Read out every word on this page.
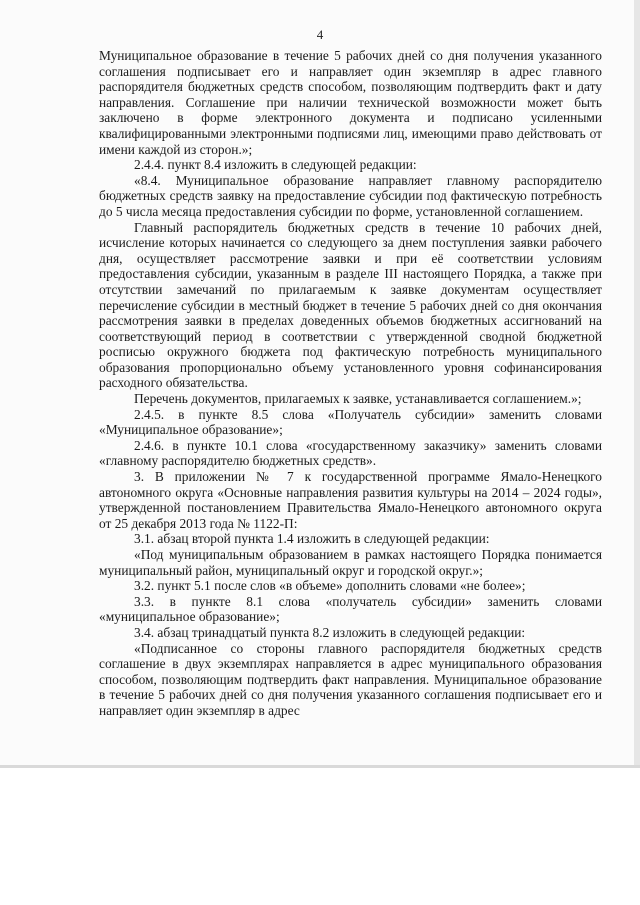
4

Муниципальное образование в течение 5 рабочих дней со дня получения указанного соглашения подписывает его и направляет один экземпляр в адрес главного распорядителя бюджетных средств способом, позволяющим подтвердить факт и дату направления. Соглашение при наличии технической возможности может быть заключено в форме электронного документа и подписано усиленными квалифицированными электронными подписями лиц, имеющими право действовать от имени каждой из сторон.»;

2.4.4. пункт 8.4 изложить в следующей редакции:

«8.4. Муниципальное образование направляет главному распорядителю бюджетных средств заявку на предоставление субсидии под фактическую потребность до 5 числа месяца предоставления субсидии по форме, установленной соглашением.

Главный распорядитель бюджетных средств в течение 10 рабочих дней, исчисление которых начинается со следующего за днем поступления заявки рабочего дня, осуществляет рассмотрение заявки и при её соответствии условиям предоставления субсидии, указанным в разделе III настоящего Порядка, а также при отсутствии замечаний по прилагаемым к заявке документам осуществляет перечисление субсидии в местный бюджет в течение 5 рабочих дней со дня окончания рассмотрения заявки в пределах доведенных объемов бюджетных ассигнований на соответствующий период в соответствии с утвержденной сводной бюджетной росписью окружного бюджета под фактическую потребность муниципального образования пропорционально объему установленного уровня софинансирования расходного обязательства.

Перечень документов, прилагаемых к заявке, устанавливается соглашением.»;

2.4.5. в пункте 8.5 слова «Получатель субсидии» заменить словами «Муниципальное образование»;

2.4.6. в пункте 10.1 слова «государственному заказчику» заменить словами «главному распорядителю бюджетных средств».

3. В приложении № 7 к государственной программе Ямало-Ненецкого автономного округа «Основные направления развития культуры на 2014 – 2024 годы», утвержденной постановлением Правительства Ямало-Ненецкого автономного округа от 25 декабря 2013 года № 1122-П:

3.1. абзац второй пункта 1.4 изложить в следующей редакции:

«Под муниципальным образованием в рамках настоящего Порядка понимается муниципальный район, муниципальный округ и городской округ.»;

3.2. пункт 5.1 после слов «в объеме» дополнить словами «не более»;

3.3. в пункте 8.1 слова «получатель субсидии» заменить словами «муниципальное образование»;

3.4. абзац тринадцатый пункта 8.2 изложить в следующей редакции:

«Подписанное со стороны главного распорядителя бюджетных средств соглашение в двух экземплярах направляется в адрес муниципального образования способом, позволяющим подтвердить факт направления. Муниципальное образование в течение 5 рабочих дней со дня получения указанного соглашения подписывает его и направляет один экземпляр в адрес
